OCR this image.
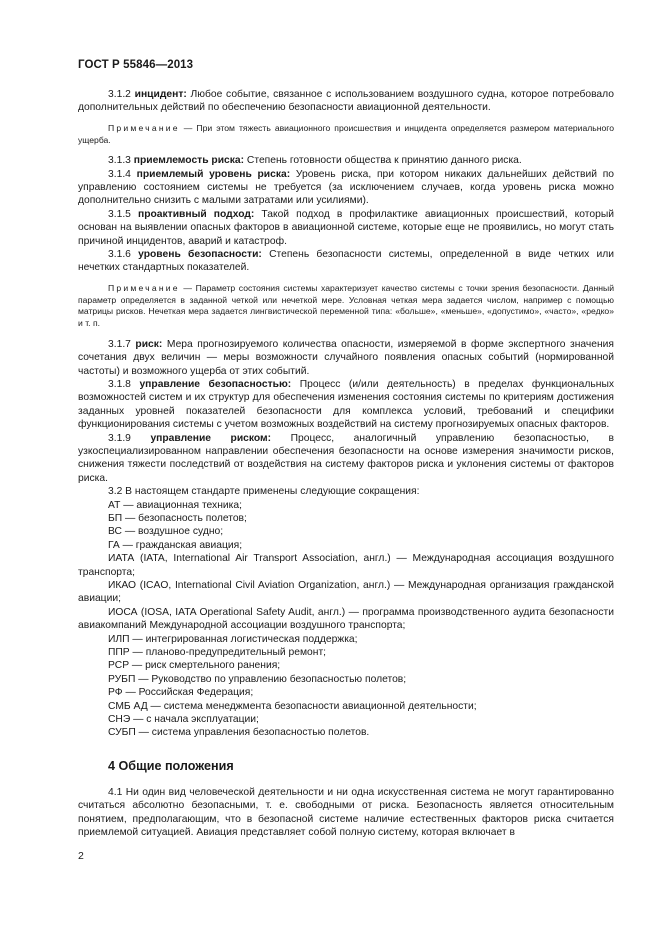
ГОСТ Р 55846—2013

3.1.2 инцидент: Любое событие, связанное с использованием воздушного судна, которое потребовало дополнительных действий по обеспечению безопасности авиационной деятельности.

Примечание — При этом тяжесть авиационного происшествия и инцидента определяется размером материального ущерба.

3.1.3 приемлемость риска: Степень готовности общества к принятию данного риска.

3.1.4 приемлемый уровень риска: Уровень риска, при котором никаких дальнейших действий по управлению состоянием системы не требуется (за исключением случаев, когда уровень риска можно дополнительно снизить с малыми затратами или усилиями).

3.1.5 проактивный подход: Такой подход в профилактике авиационных происшествий, который основан на выявлении опасных факторов в авиационной системе, которые еще не проявились, но могут стать причиной инцидентов, аварий и катастроф.

3.1.6 уровень безопасности: Степень безопасности системы, определенной в виде четких или нечетких стандартных показателей.

Примечание — Параметр состояния системы характеризует качество системы с точки зрения безопасности. Данный параметр определяется в заданной четкой или нечеткой мере. Условная четкая мера задается числом, например с помощью матрицы рисков. Нечеткая мера задается лингвистической переменной типа: «больше», «меньше», «допустимо», «часто», «редко» и т. п.

3.1.7 риск: Мера прогнозируемого количества опасности, измеряемой в форме экспертного значения сочетания двух величин — меры возможности случайного появления опасных событий (нормированной частоты) и возможного ущерба от этих событий.

3.1.8 управление безопасностью: Процесс (и/или деятельность) в пределах функциональных возможностей систем и их структур для обеспечения изменения состояния системы по критериям достижения заданных уровней показателей безопасности для комплекса условий, требований и специфики функционирования системы с учетом возможных воздействий на систему прогнозируемых опасных факторов.

3.1.9 управление риском: Процесс, аналогичный управлению безопасностью, в узкоспециализированном направлении обеспечения безопасности на основе измерения значимости рисков, снижения тяжести последствий от воздействия на систему факторов риска и уклонения системы от факторов риска.

3.2 В настоящем стандарте применены следующие сокращения:

АТ — авиационная техника;

БП — безопасность полетов;

ВС — воздушное судно;

ГА — гражданская авиация;

ИАТА (IATA, International Air Transport Association, англ.) — Международная ассоциация воздушного транспорта;

ИКАО (ICAO, International Civil Aviation Organization, англ.) — Международная организация гражданской авиации;

ИОСА (IOSA, IATA Operational Safety Audit, англ.) — программа производственного аудита безопасности авиакомпаний Международной ассоциации воздушного транспорта;

ИЛП — интегрированная логистическая поддержка;

ППР — планово-предупредительный ремонт;

РСР — риск смертельного ранения;

РУБП — Руководство по управлению безопасностью полетов;

РФ — Российская Федерация;

СМБ АД — система менеджмента безопасности авиационной деятельности;

СНЭ — с начала эксплуатации;

СУБП — система управления безопасностью полетов.

4 Общие положения

4.1 Ни один вид человеческой деятельности и ни одна искусственная система не могут гарантированно считаться абсолютно безопасными, т. е. свободными от риска. Безопасность является относительным понятием, предполагающим, что в безопасной системе наличие естественных факторов риска считается приемлемой ситуацией. Авиация представляет собой полную систему, которая включает в

2
